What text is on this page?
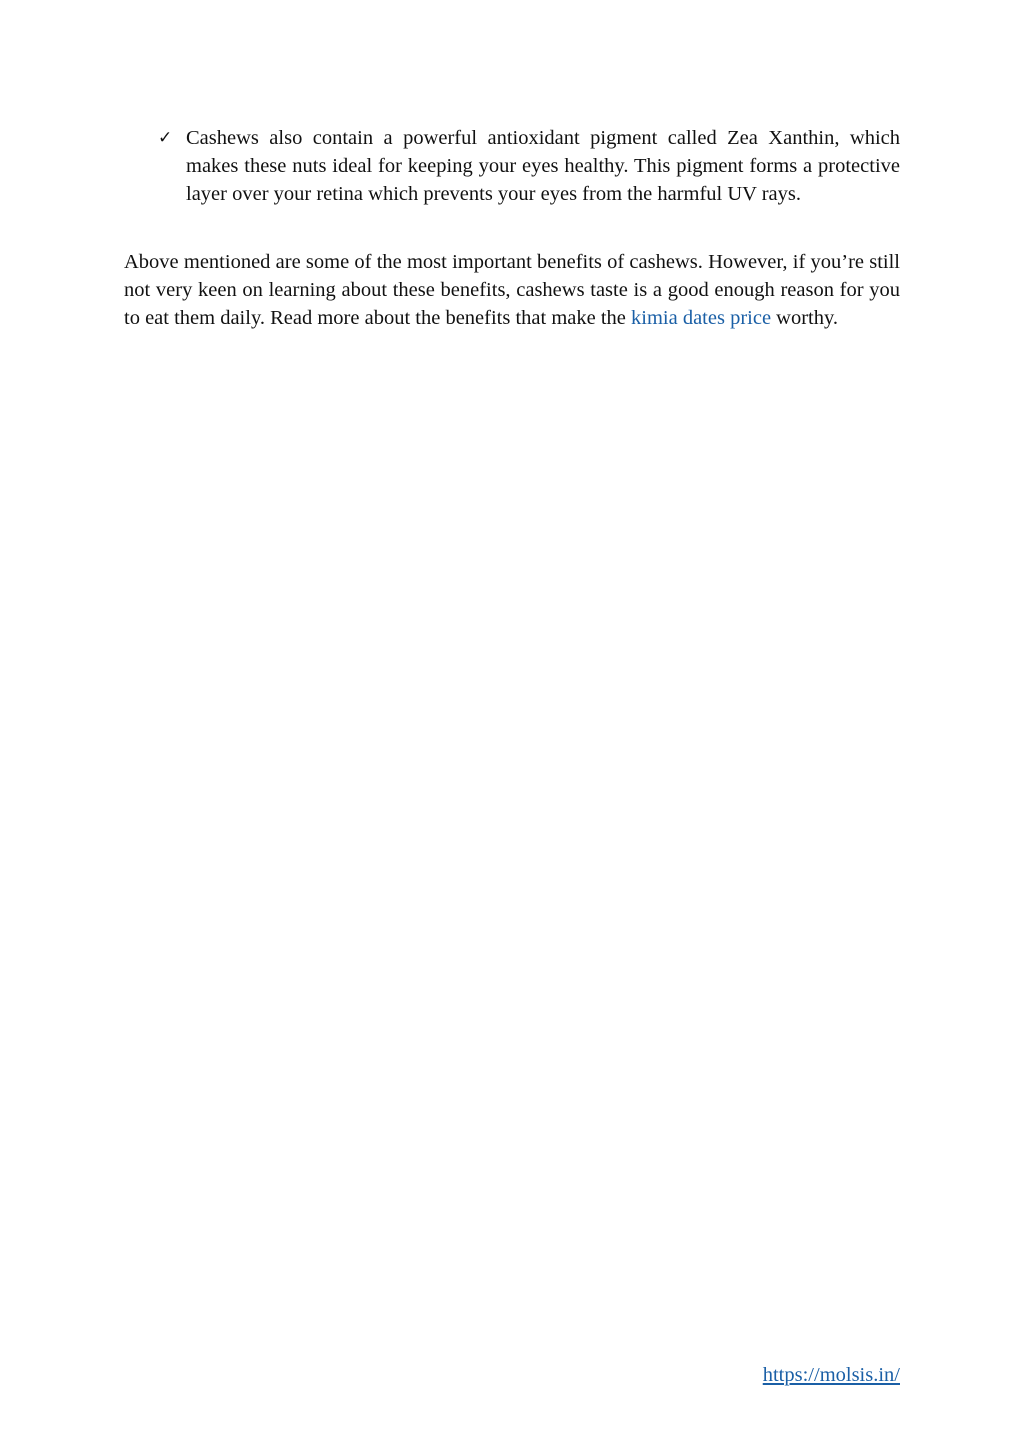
✓ Cashews also contain a powerful antioxidant pigment called Zea Xanthin, which makes these nuts ideal for keeping your eyes healthy. This pigment forms a protective layer over your retina which prevents your eyes from the harmful UV rays.

Above mentioned are some of the most important benefits of cashews. However, if you’re still not very keen on learning about these benefits, cashews taste is a good enough reason for you to eat them daily. Read more about the benefits that make the kimia dates price worthy.

https://molsis.in/
